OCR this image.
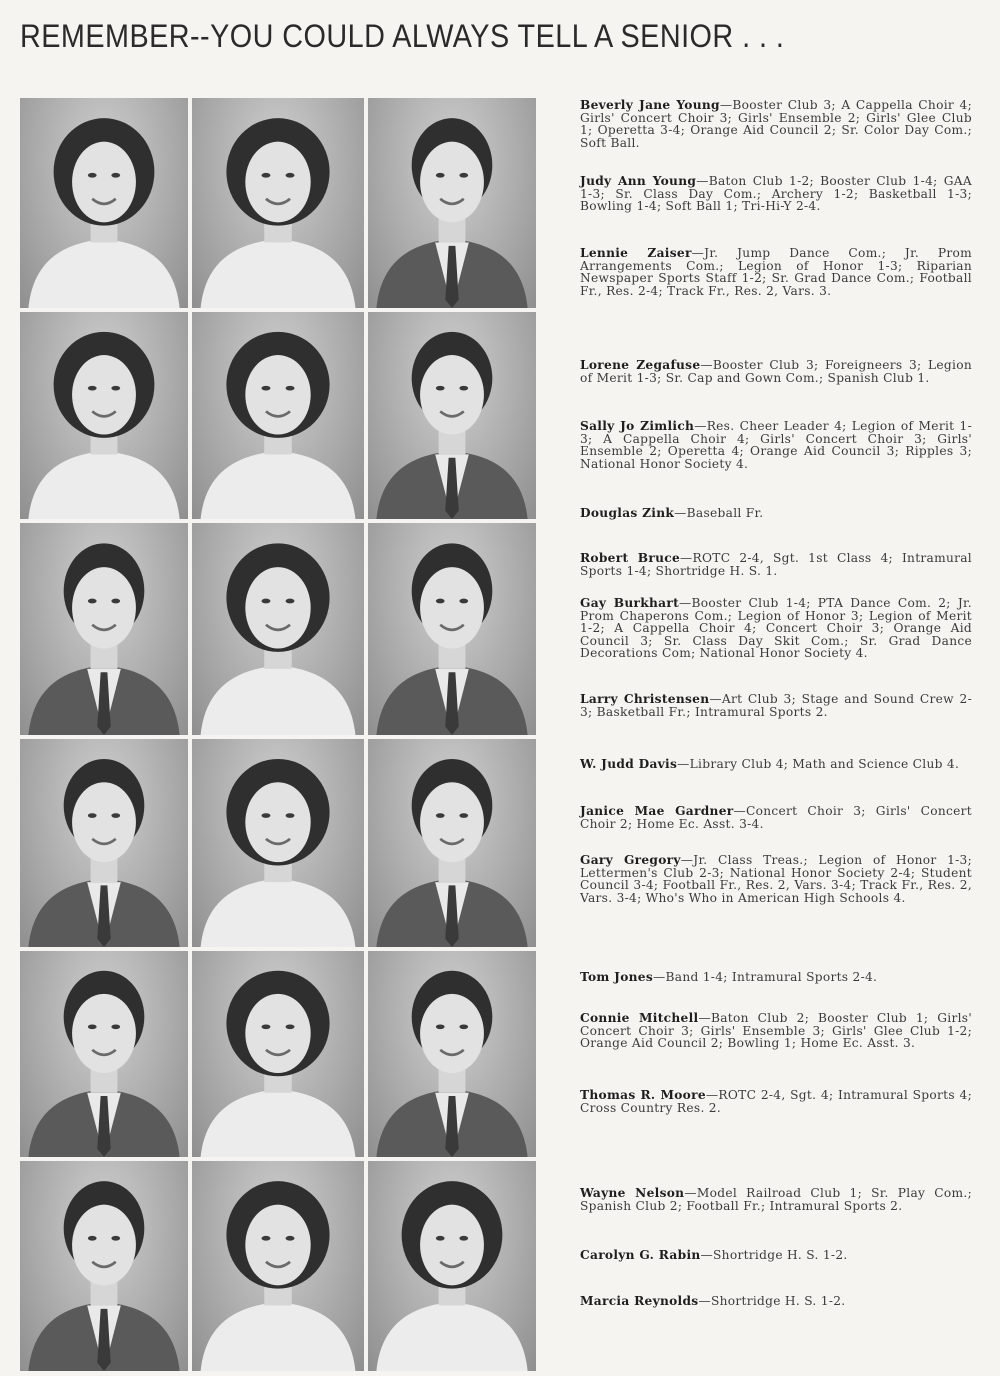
REMEMBER--YOU COULD ALWAYS TELL A SENIOR . . .
Beverly Jane Young—Booster Club 3; A Cappella Choir 4; Girls' Concert Choir 3; Girls' Ensemble 2; Girls' Glee Club 1; Operetta 3-4; Orange Aid Council 2; Sr. Color Day Com.; Soft Ball.
Judy Ann Young—Baton Club 1-2; Booster Club 1-4; GAA 1-3; Sr. Class Day Com.; Archery 1-2; Basketball 1-3; Bowling 1-4; Soft Ball 1; Tri-Hi-Y 2-4.
Lennie Zaiser—Jr. Jump Dance Com.; Jr. Prom Arrangements Com.; Legion of Honor 1-3; Riparian Newspaper Sports Staff 1-2; Sr. Grad Dance Com.; Football Fr., Res. 2-4; Track Fr., Res. 2, Vars. 3.
Lorene Zegafuse—Booster Club 3; Foreigneers 3; Legion of Merit 1-3; Sr. Cap and Gown Com.; Spanish Club 1.
Sally Jo Zimlich—Res. Cheer Leader 4; Legion of Merit 1-3; A Cappella Choir 4; Girls' Concert Choir 3; Girls' Ensemble 2; Operetta 4; Orange Aid Council 3; Ripples 3; National Honor Society 4.
Douglas Zink—Baseball Fr.
Robert Bruce—ROTC 2-4, Sgt. 1st Class 4; Intramural Sports 1-4; Shortridge H. S. 1.
Gay Burkhart—Booster Club 1-4; PTA Dance Com. 2; Jr. Prom Chaperons Com.; Legion of Honor 3; Legion of Merit 1-2; A Cappella Choir 4; Concert Choir 3; Orange Aid Council 3; Sr. Class Day Skit Com.; Sr. Grad Dance Decorations Com; National Honor Society 4.
Larry Christensen—Art Club 3; Stage and Sound Crew 2-3; Basketball Fr.; Intramural Sports 2.
W. Judd Davis—Library Club 4; Math and Science Club 4.
Janice Mae Gardner—Concert Choir 3; Girls' Concert Choir 2; Home Ec. Asst. 3-4.
Gary Gregory—Jr. Class Treas.; Legion of Honor 1-3; Lettermen's Club 2-3; National Honor Society 2-4; Student Council 3-4; Football Fr., Res. 2, Vars. 3-4; Track Fr., Res. 2, Vars. 3-4; Who's Who in American High Schools 4.
Tom Jones—Band 1-4; Intramural Sports 2-4.
Connie Mitchell—Baton Club 2; Booster Club 1; Girls' Concert Choir 3; Girls' Ensemble 3; Girls' Glee Club 1-2; Orange Aid Council 2; Bowling 1; Home Ec. Asst. 3.
Thomas R. Moore—ROTC 2-4, Sgt. 4; Intramural Sports 4; Cross Country Res. 2.
Wayne Nelson—Model Railroad Club 1; Sr. Play Com.; Spanish Club 2; Football Fr.; Intramural Sports 2.
Carolyn G. Rabin—Shortridge H. S. 1-2.
Marcia Reynolds—Shortridge H. S. 1-2.
